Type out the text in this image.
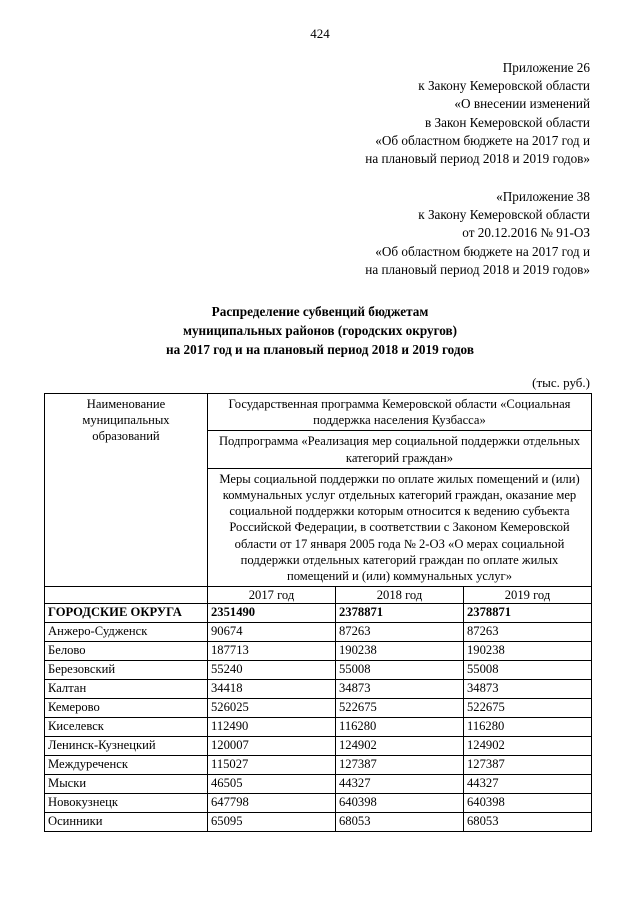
424
Приложение 26
к Закону Кемеровской области
«О внесении изменений
в Закон Кемеровской области
«Об областном бюджете на 2017 год и
на плановый период 2018 и 2019 годов»
«Приложение 38
к Закону Кемеровской области
от 20.12.2016 № 91-ОЗ
«Об областном бюджете на 2017 год и
на плановый период 2018 и 2019 годов»
Распределение субвенций бюджетам
муниципальных районов (городских округов)
на 2017 год и на плановый период 2018 и 2019 годов
(тыс. руб.)
Наименование муниципальных образований	Государственная программа Кемеровской области «Социальная поддержка населения Кузбасса»		
	Подпрограмма «Реализация мер социальной поддержки отдельных категорий граждан»		
	Меры социальной поддержки по оплате жилых помещений и (или) коммунальных услуг отдельных категорий граждан, оказание мер социальной поддержки которым относится к ведению субъекта Российской Федерации, в соответствии с Законом Кемеровской области от 17 января 2005 года № 2-ОЗ «О мерах социальной поддержки отдельных категорий граждан по оплате жилых помещений и (или) коммунальных услуг»		
	2017 год	2018 год	2019 год
ГОРОДСКИЕ ОКРУГА	2351490	2378871	2378871
Анжеро-Судженск	90674	87263	87263
Белово	187713	190238	190238
Березовский	55240	55008	55008
Калтан	34418	34873	34873
Кемерово	526025	522675	522675
Киселевск	112490	116280	116280
Ленинск-Кузнецкий	120007	124902	124902
Междуреченск	115027	127387	127387
Мыски	46505	44327	44327
Новокузнецк	647798	640398	640398
Осинники	65095	68053	68053
